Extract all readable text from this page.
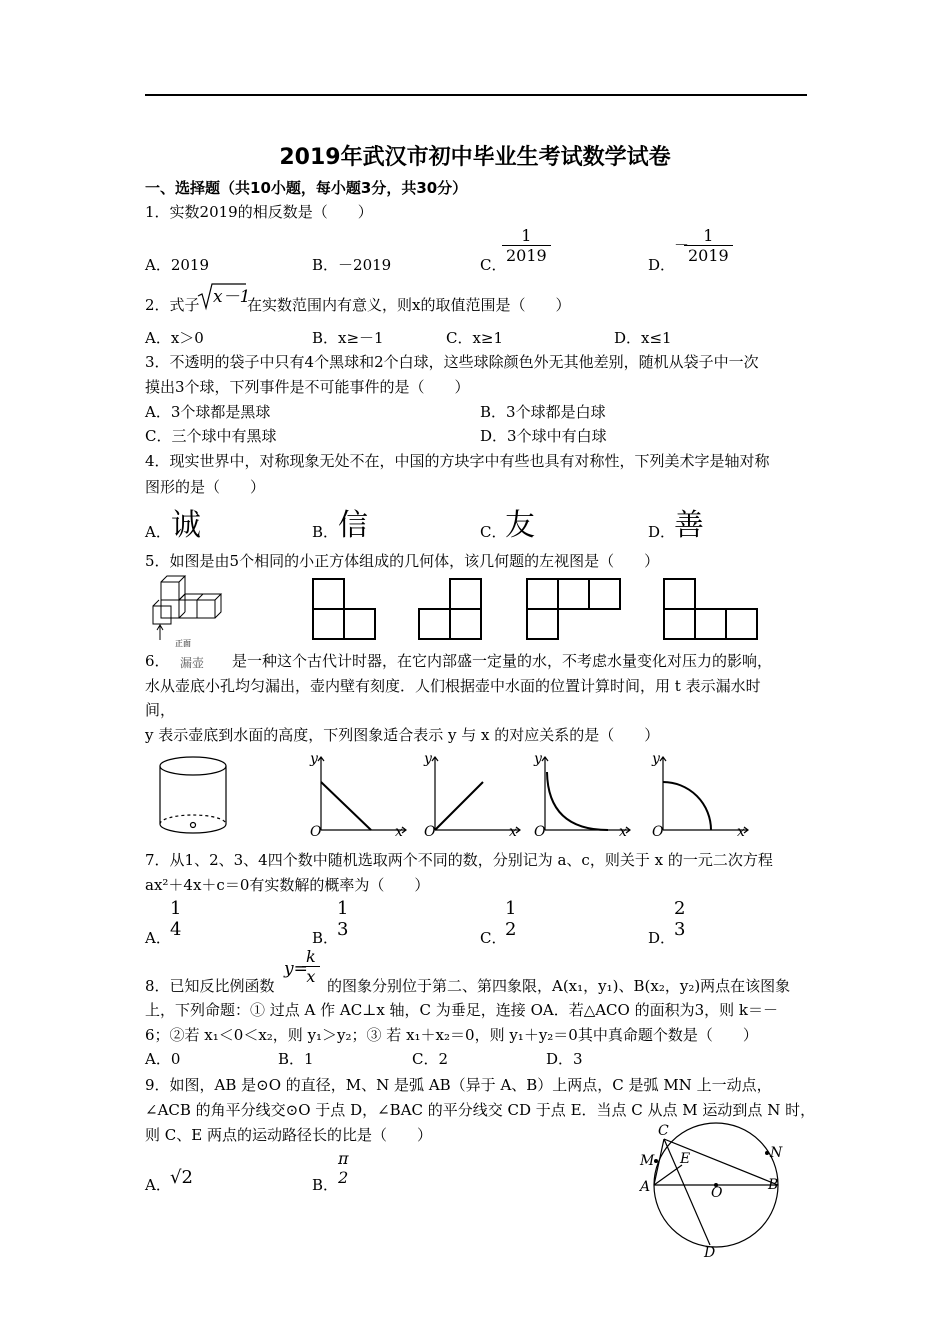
2019年武汉市初中毕业生考试数学试卷
一、选择题（共10小题，每小题3分，共30分）
1．实数2019的相反数是（　　）
A．2019	B．－2019	C．
$\frac{1}{2019}$	D．
－
$\frac{1}{2019}$
2．式子 x－1
在实数范围内有意义，则x的取值范围是（　　）
A．x＞0	B．x≥－1	C．x≥1	D．x≤1
3．不透明的袋子中只有4个黑球和2个白球，这些球除颜色外无其他差别，随机从袋子中一次
摸出3个球，下列事件是不可能事件的是（　　）
A．3个球都是黑球	B．3个球都是白球
C．三个球中有黑球	D．3个球中有白球
4．现实世界中，对称现象无处不在，中国的方块字中有些也具有对称性，下列美术字是轴对称
图形的是（　　）
A． 诚	B． 信	C．
友	D．
善
5．如图是由5个相同的小正方体组成的几何体，该几何题的左视图是（　　）
正面
6． 漏壶 是一种这个古代计时器，在它内部盛一定量的水，不考虑水量变化对压力的影响，
水从壶底小孔均匀漏出，壶内壁有刻度．人们根据壶中水面的位置计算时间，用 t 表示漏水时
间，
y 表示壶底到水面的高度，下列图象适合表示 y 与 x 的对应关系的是（　　）
y
x
O
y
x
O
y
x
O
y
x
O
7．从1、2、3、4四个数中随机选取两个不同的数，分别记为 a、c，则关于 x 的一元二次方程
ax²＋4x＋c＝0有实数解的概率为（　　）
A．
1
4	B．
1
3	C．
1
2	D．
2
3
8．已知反比例函数
y=
$\frac{k}{x}$ 的图象分别位于第二、第四象限，A(x₁，y₁)、B(x₂，y₂)两点在该图象
上，下列命题：① 过点 A 作 AC⊥x 轴，C 为垂足，连接 OA．若△ACO 的面积为3，则 k＝－
6；②若 x₁＜0＜x₂，则 y₁＞y₂；③ 若 x₁＋x₂＝0，则 y₁＋y₂＝0其中真命题个数是（　　）
A．0	B．1	C．2	D．3
9．如图，AB 是⊙O 的直径，M、N 是弧 AB（异于 A、B）上两点，C 是弧 MN 上一动点，
∠ACB 的角平分线交⊙O 于点 D，∠BAC 的平分线交 CD 于点 E．当点 C 从点 M 运动到点 N 时，
则 C、E 两点的运动路径长的比是（　　）
A． √2	B．
π
2
C
M E	N
A	O	B
D
